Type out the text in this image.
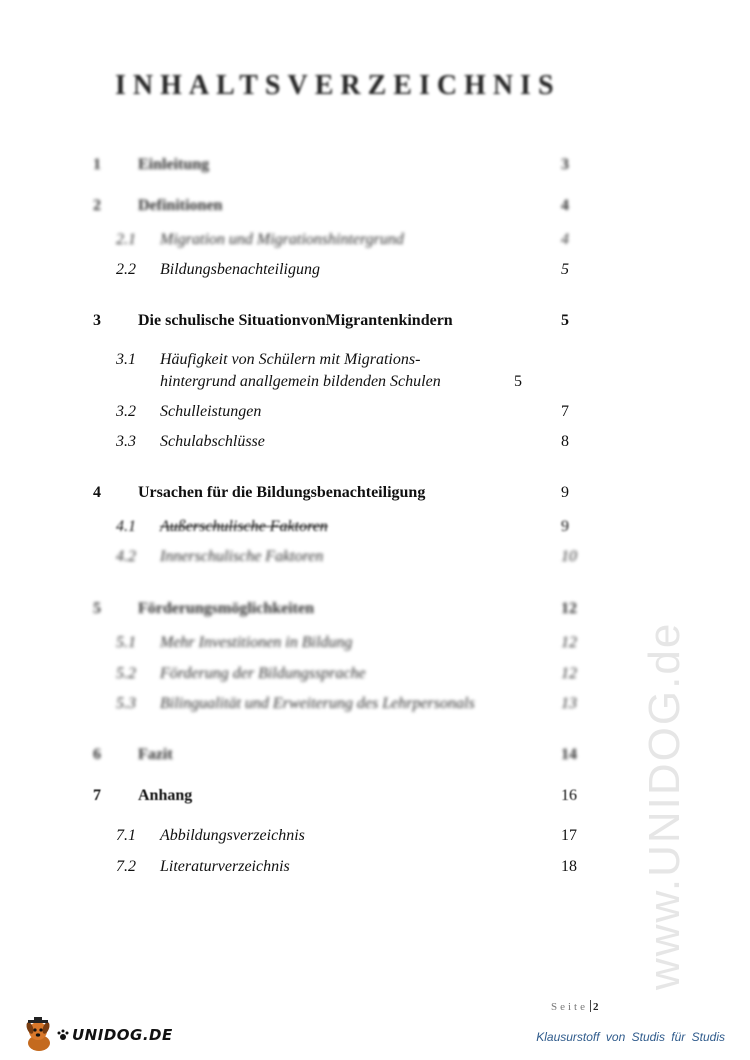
INHALTSVERZEICHNIS
1 Einleitung	3
2 Definitionen	4
2.1 Migration und Migrationshintergrund	4
2.2 Bildungsbenachteiligung	5
3 Die schulische SituationvonMigrantenkindern	5
3.1 Häufigkeit von Schülern mit Migrations-
hintergrund anallgemein bildenden Schulen	5
3.2 Schulleistungen	7
3.3 Schulabschlüsse	8
4 Ursachen für die Bildungsbenachteiligung	9
4.1 Außerschulische Faktoren	9
4.2 Innerschulische Faktoren	10
5 Förderungsmöglichkeiten	12
5.1 Mehr Investitionen in Bildung	12
5.2 Förderung der Bildungssprache	12
5.3 Bilingualität und Erweiterung des Lehrpersonals	13
6 Fazit	14
7 Anhang	16
7.1 Abbildungsverzeichnis	17
7.2 Literaturverzeichnis	18 www.UNIDOG.de
Seite 2
UNIDOG.DE	Klausurstoff von Studis für Studis
